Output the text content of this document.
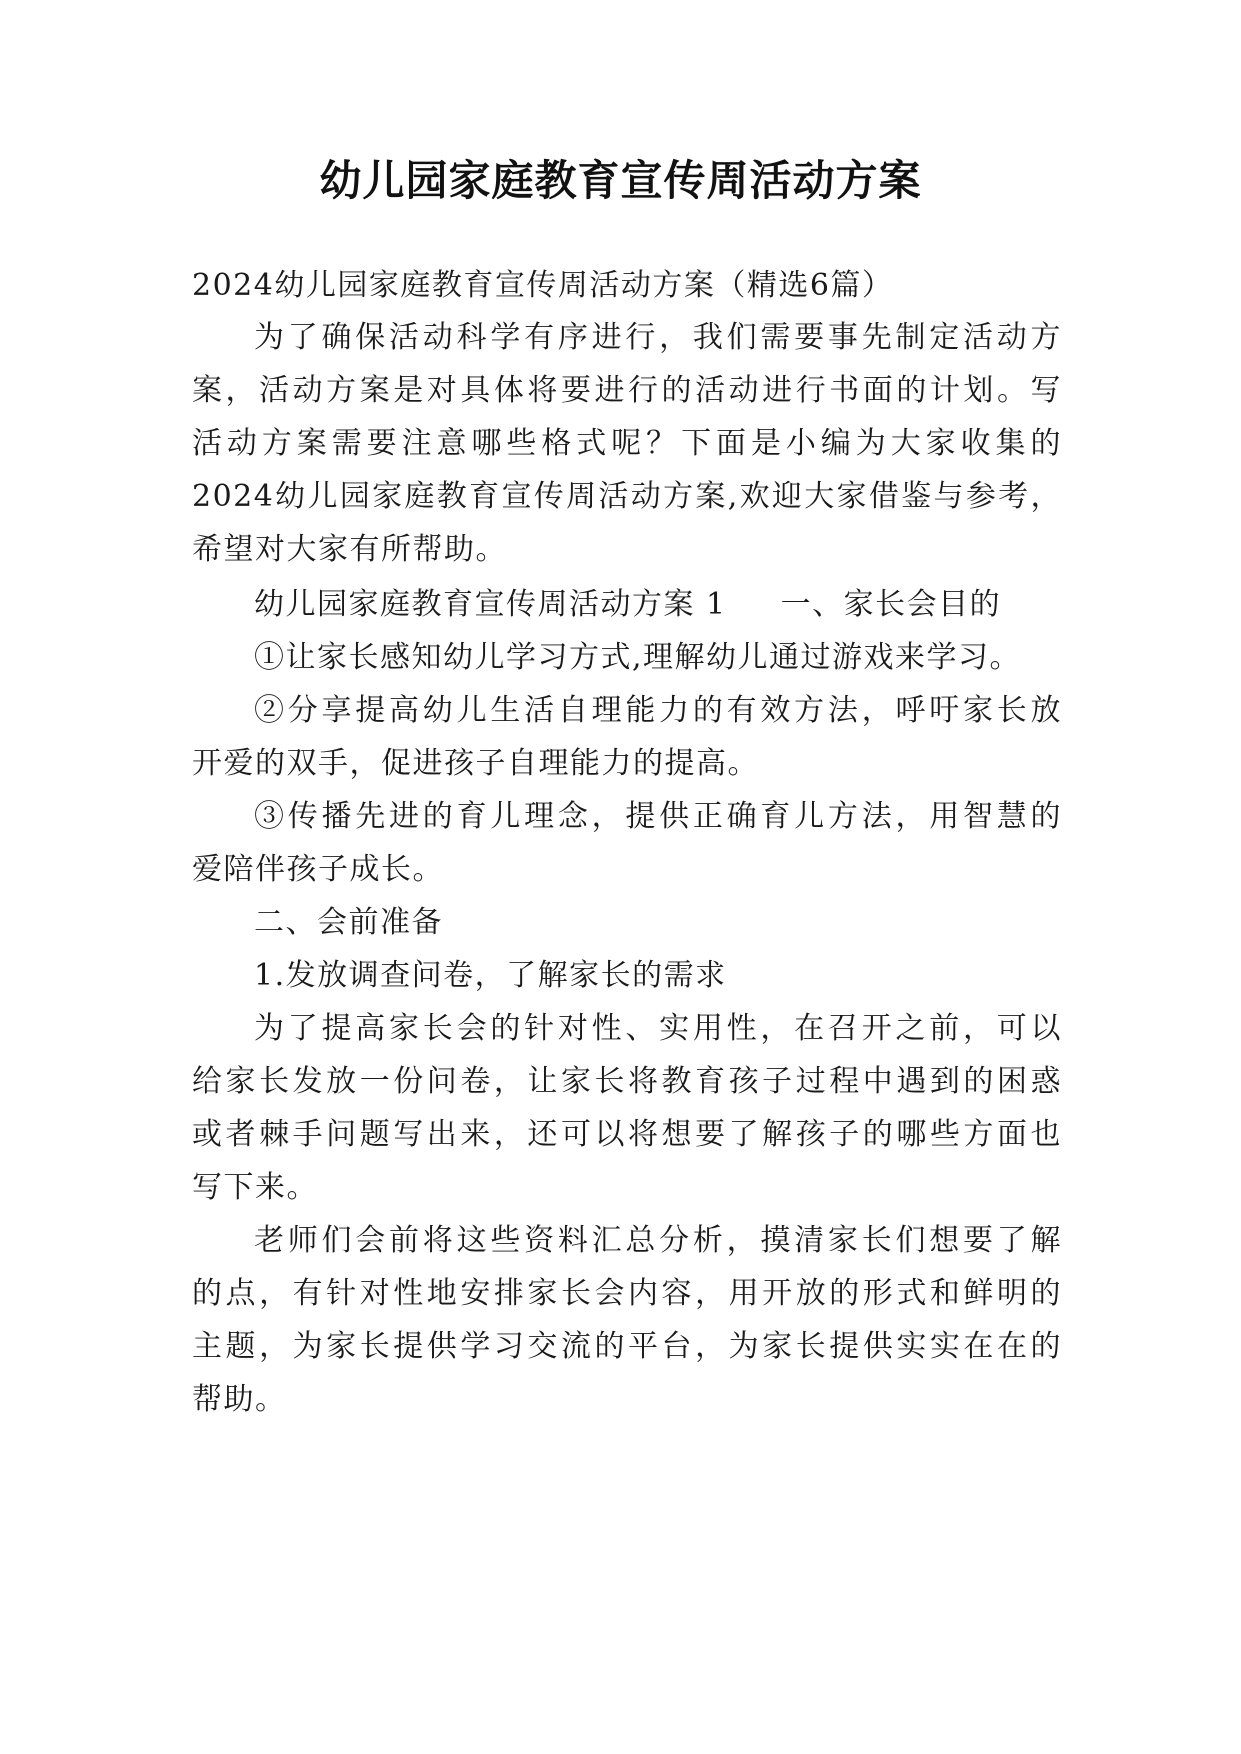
幼儿园家庭教育宣传周活动方案
2024幼儿园家庭教育宣传周活动方案（精选6篇）
为了确保活动科学有序进行，我们需要事先制定活动方
案，活动方案是对具体将要进行的活动进行书面的计划。写
活动方案需要注意哪些格式呢？下面是小编为大家收集的
2024幼儿园家庭教育宣传周活动方案,欢迎大家借鉴与参考，
希望对大家有所帮助。
幼儿园家庭教育宣传周活动方案 1 一、家长会目的
①让家长感知幼儿学习方式,理解幼儿通过游戏来学习。
②分享提高幼儿生活自理能力的有效方法，呼吁家长放
开爱的双手，促进孩子自理能力的提高。
③传播先进的育儿理念，提供正确育儿方法，用智慧的
爱陪伴孩子成长。
二、会前准备
1.发放调查问卷，了解家长的需求
为了提高家长会的针对性、实用性，在召开之前，可以
给家长发放一份问卷，让家长将教育孩子过程中遇到的困惑
或者棘手问题写出来，还可以将想要了解孩子的哪些方面也
写下来。
老师们会前将这些资料汇总分析，摸清家长们想要了解
的点，有针对性地安排家长会内容，用开放的形式和鲜明的
主题，为家长提供学习交流的平台，为家长提供实实在在的
帮助。
